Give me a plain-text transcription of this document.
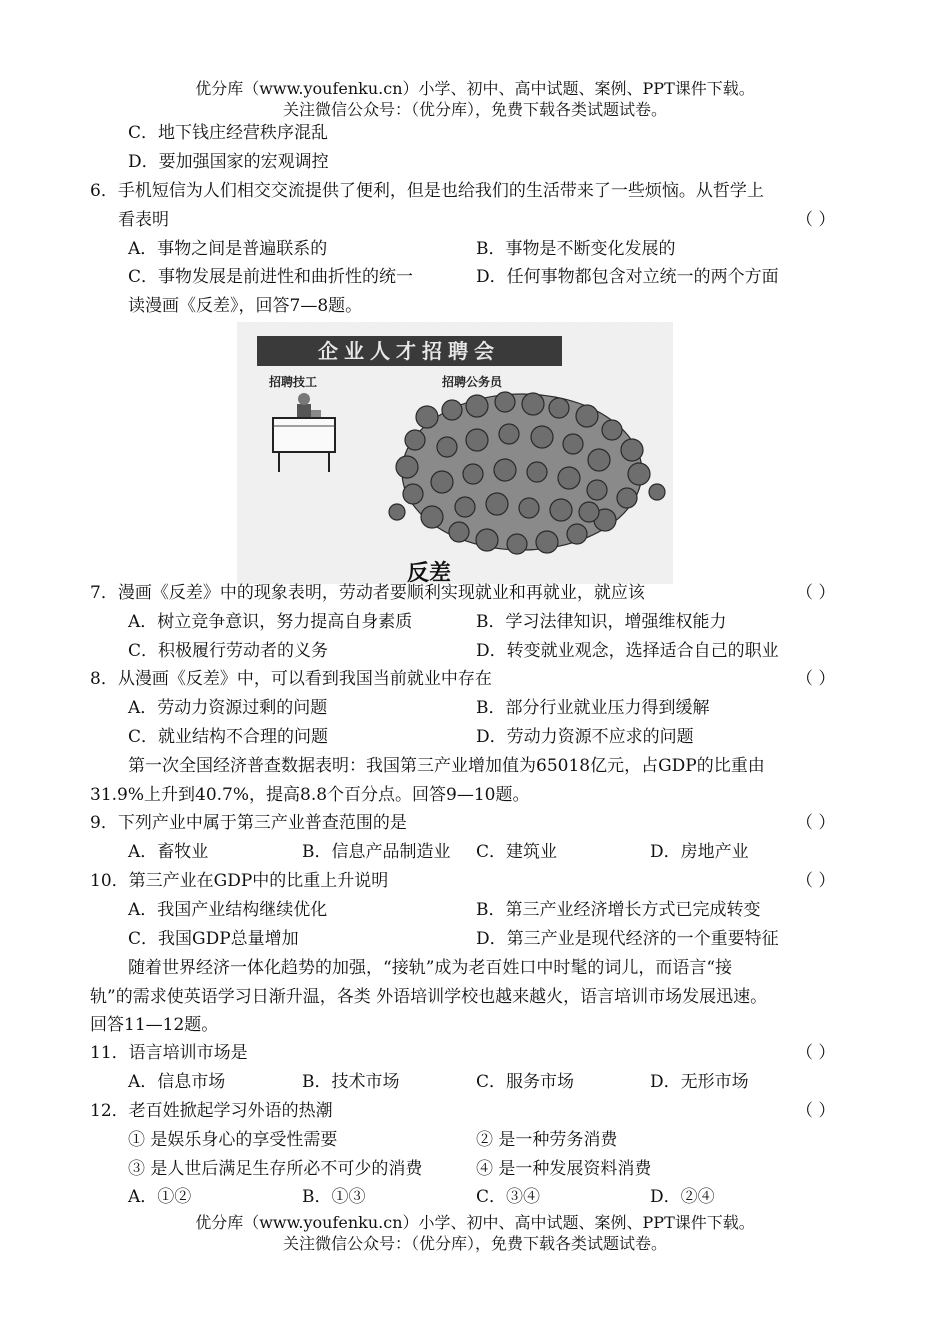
优分库（www.youfenku.cn）小学、初中、高中试题、案例、PPT课件下载。
关注微信公众号：（优分库），免费下载各类试题试卷。
C．地下钱庄经营秩序混乱
D．要加强国家的宏观调控
6．手机短信为人们相交交流提供了便利，但是也给我们的生活带来了一些烦恼。从哲学上
看表明	（ ）
A．事物之间是普遍联系的	B．事物是不断变化发展的
C．事物发展是前进性和曲折性的统一	D．任何事物都包含对立统一的两个方面
读漫画《反差》，回答7—8题。
企业人才招聘会
招聘技工	招聘公务员
反差
7．漫画《反差》中的现象表明，劳动者要顺利实现就业和再就业，就应该	（ ）
A．树立竞争意识，努力提高自身素质	B．学习法律知识，增强维权能力
C．积极履行劳动者的义务	D．转变就业观念，选择适合自己的职业
8．从漫画《反差》中，可以看到我国当前就业中存在	（ ）
A．劳动力资源过剩的问题	B．部分行业就业压力得到缓解
C．就业结构不合理的问题	D．劳动力资源不应求的问题
第一次全国经济普查数据表明：我国第三产业增加值为65018亿元，占GDP的比重由
31.9%上升到40.7%，提高8.8个百分点。回答9—10题。
9．下列产业中属于第三产业普查范围的是	（ ）
A．畜牧业	B．信息产品制造业 C．建筑业	D．房地产业
10．第三产业在GDP中的比重上升说明	（ ）
A．我国产业结构继续优化	B．第三产业经济增长方式已完成转变
C．我国GDP总量增加	D．第三产业是现代经济的一个重要特征
随着世界经济一体化趋势的加强，“接轨”成为老百姓口中时髦的词儿，而语言“接
轨”的需求使英语学习日渐升温，各类 外语培训学校也越来越火，语言培训市场发展迅速。
回答11—12题。
11．语言培训市场是	（ ）
A．信息市场	B．技术市场	C．服务市场	D．无形市场
12．老百姓掀起学习外语的热潮	（ ）
① 是娱乐身心的享受性需要	② 是一种劳务消费
③ 是人世后满足生存所必不可少的消费	④ 是一种发展资料消费
A．①②	B．①③	C．③④	D．②④
优分库（www.youfenku.cn）小学、初中、高中试题、案例、PPT课件下载。
关注微信公众号：（优分库），免费下载各类试题试卷。
